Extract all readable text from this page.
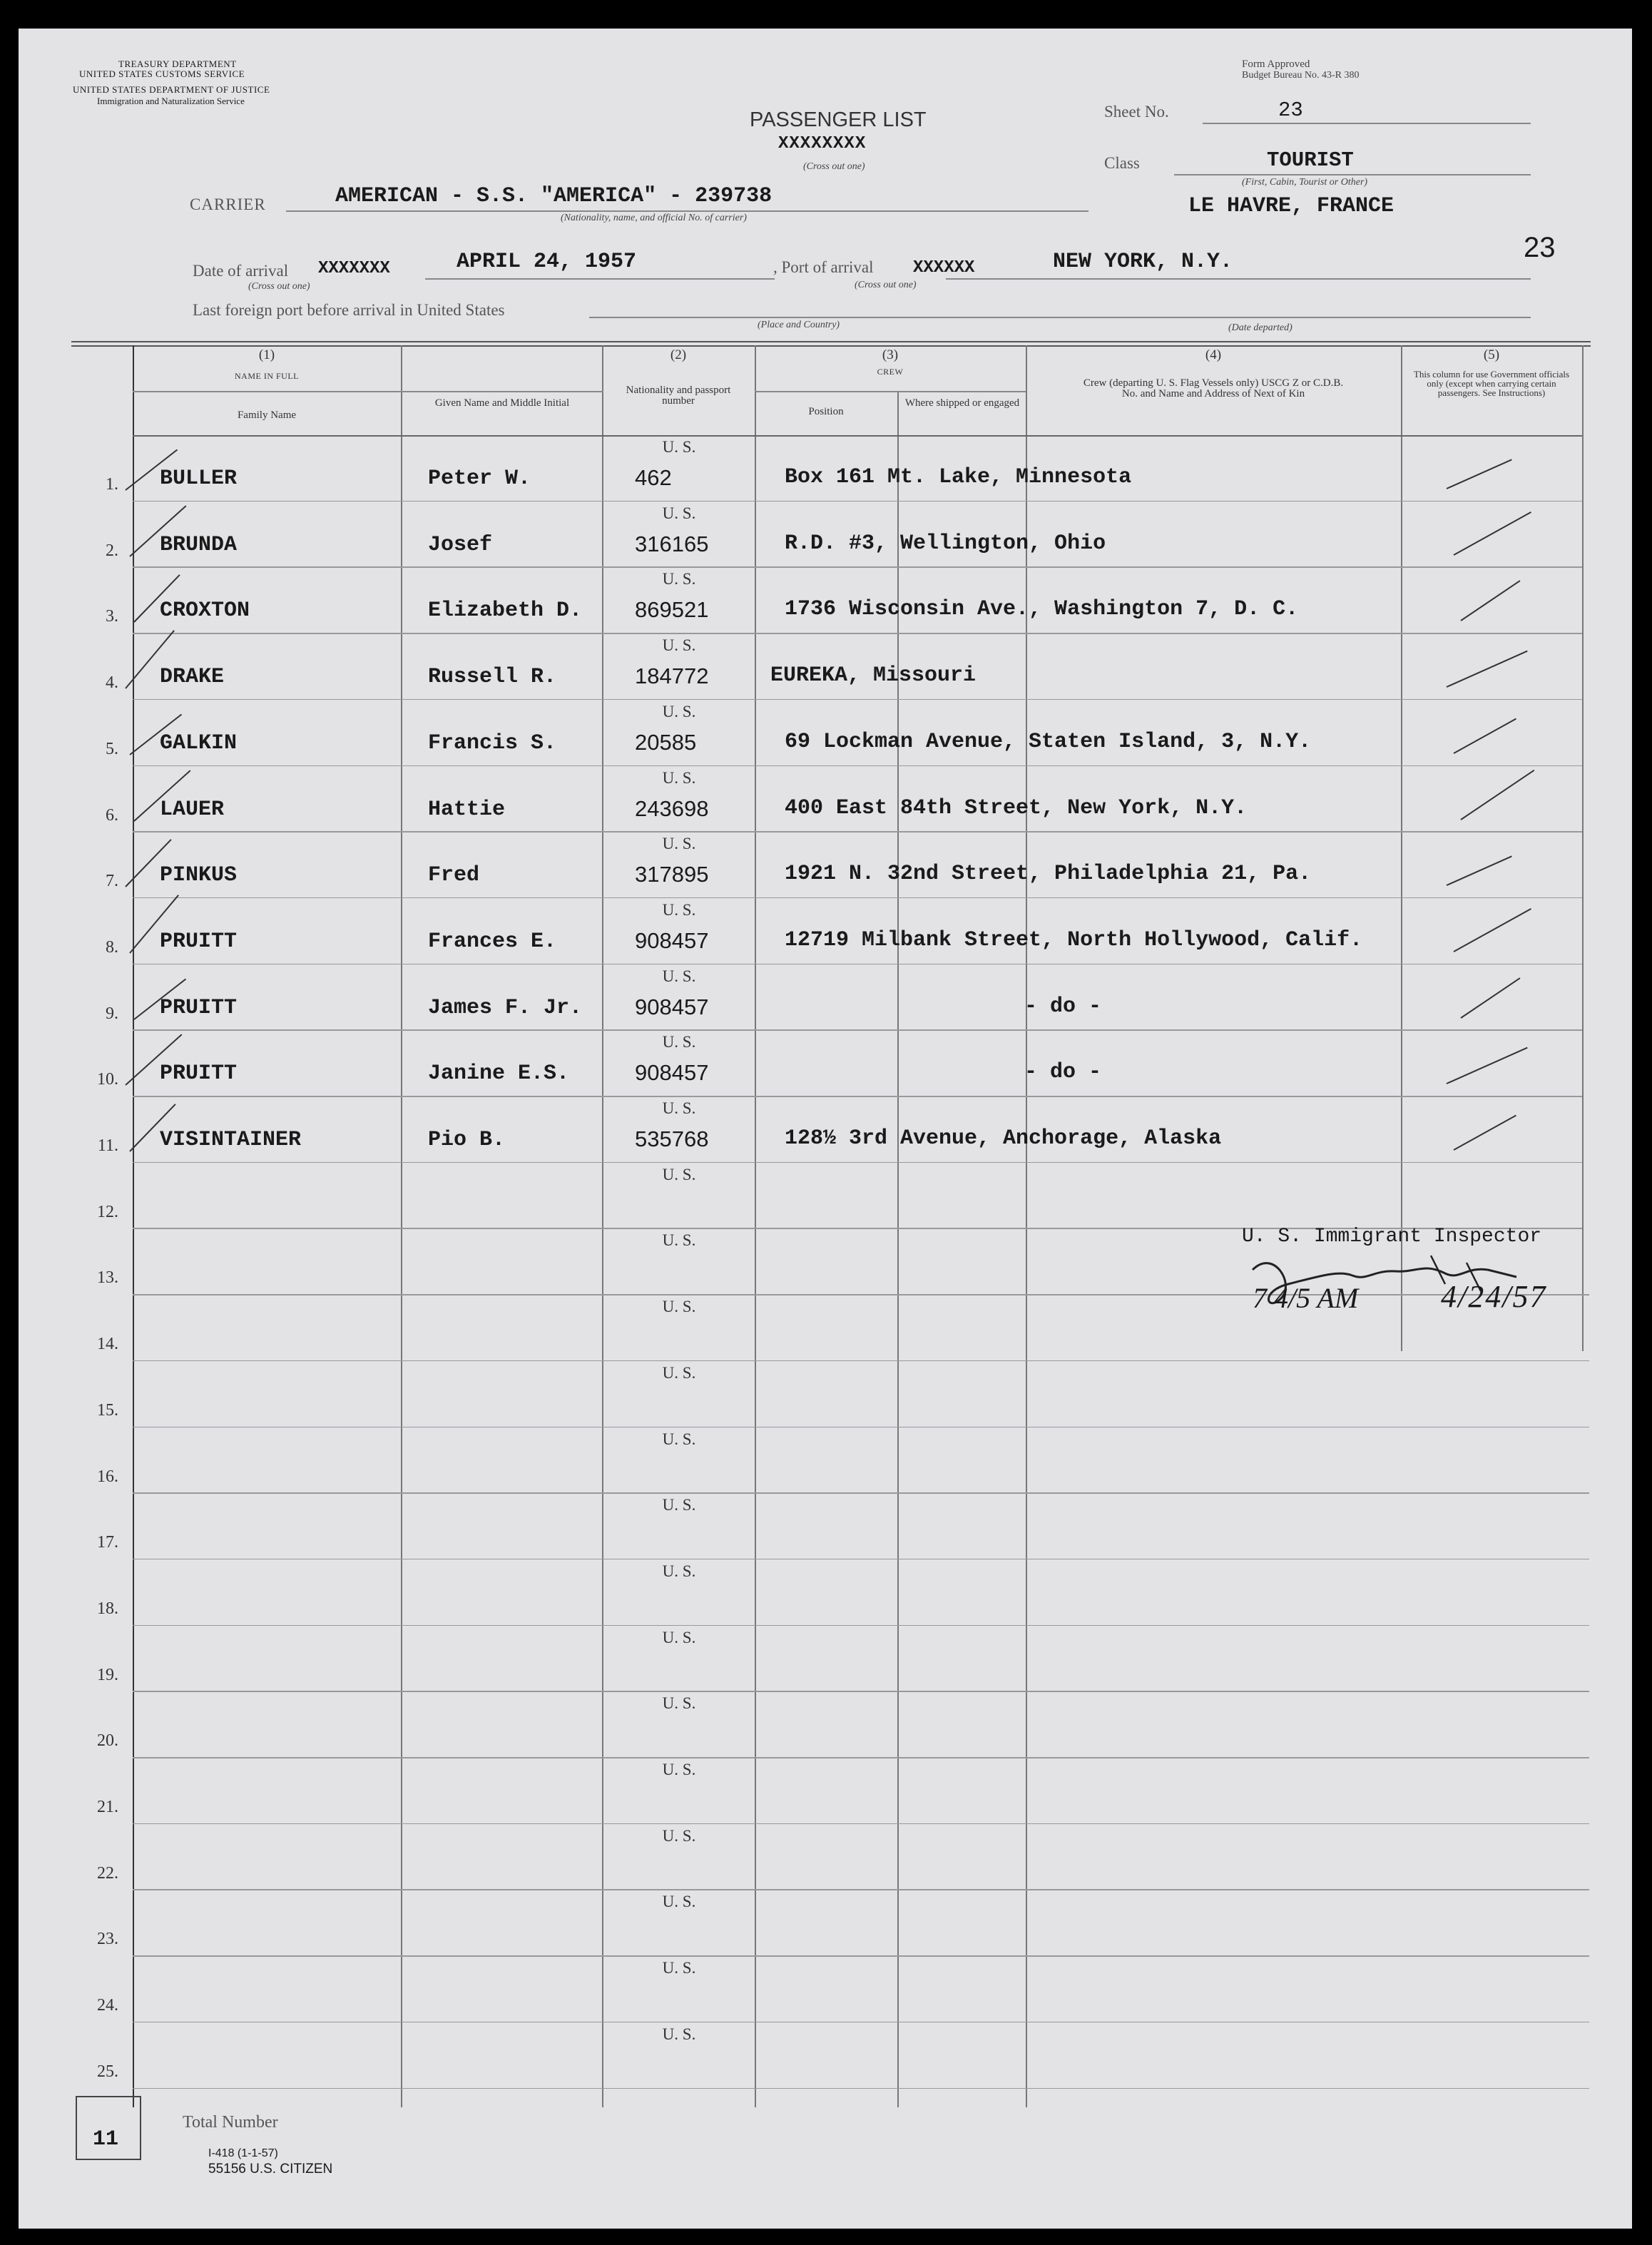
TREASURY DEPARTMENT
UNITED STATES CUSTOMS SERVICE
UNITED STATES DEPARTMENT OF JUSTICE
Immigration and Naturalization Service
Form Approved
Budget Bureau No. 43-R 380
PASSENGER LIST
XXXXXXXX
(Cross out one)
Sheet No.	23
Class	TOURIST
(First, Cabin, Tourist or Other)
CARRIER	AMERICAN - S.S. "AMERICA" - 239738
(Nationality, name, and official No. of carrier)	LE HAVRE, FRANCE
23
Date of arrival XXXXXXX
(Cross out one)
APRIL 24, 1957	, Port of arrival XXXXXX
(Cross out one)
NEW YORK, N.Y.
Last foreign port before arrival in United States
(Place and Country)	(Date departed)
(1)
NAME IN FULL
Family Name
Given Name and Middle Initial
(2)
Nationality and passport number
(3)
CREW
Position
Where shipped or engaged
(4)
Crew (departing U. S. Flag Vessels only) USCG Z or C.D.B. No. and Name and Address of Next of Kin
(5)
This column for use Government officials only (except when carrying certain passengers. See Instructions)
U. S.
1. BULLER	Peter W.	462	Box 161 Mt. Lake, Minnesota
U. S.
2. BRUNDA	Josef	316165	R.D. #3, Wellington, Ohio
U. S.
3. CROXTON	Elizabeth D. 869521	1736 Wisconsin Ave., Washington 7, D. C.
U. S.
4. DRAKE	Russell R.	184772	EUREKA, Missouri
U. S.
5. GALKIN	Francis S.	20585	69 Lockman Avenue, Staten Island, 3, N.Y.
U. S.
6. LAUER	Hattie	243698	400 East 84th Street, New York, N.Y.
U. S.
7. PINKUS	Fred	317895	1921 N. 32nd Street, Philadelphia 21, Pa.
U. S.
8. PRUITT	Frances E.	908457	12719 Milbank Street, North Hollywood, Calif.
U. S.
9. PRUITT	James F. Jr. 908457	- do -
U. S.
10. PRUITT	Janine E.S.	908457	- do -
U. S.
11. VISINTAINER	Pio B.	535768	128½ 3rd Avenue, Anchorage, Alaska
U. S.
12.
U. S.
13.
U. S.
14.
U. S.
15.
U. S.
16.
U. S.
17.
U. S.
18.
U. S.
19.
U. S.
20.
U. S.
21.
U. S.
22.
U. S.
23.
U. S.
24.
U. S.
25.
U. S. Immigrant Inspector
7 4/5 AM	4/24/57
11
Total Number
I-418 (1-1-57)
55156 U.S. CITIZEN
